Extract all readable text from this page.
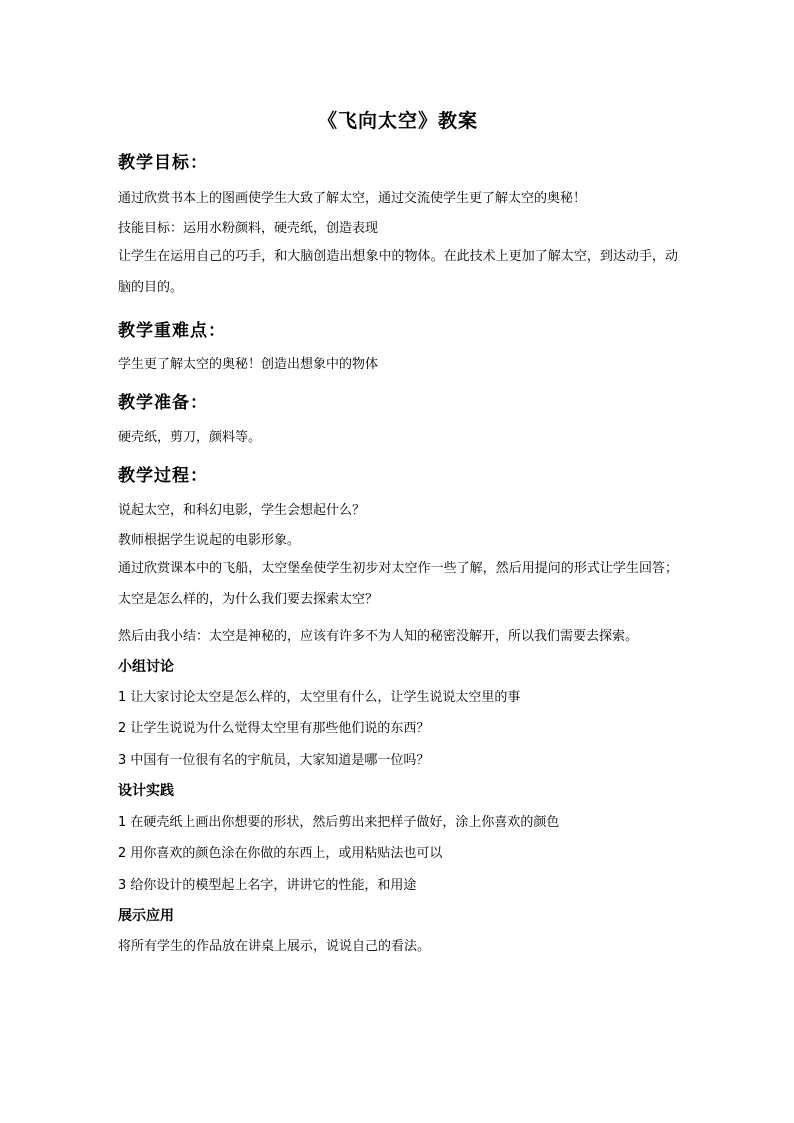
《飞向太空》教案
教学目标：
通过欣赏书本上的图画使学生大致了解太空，通过交流使学生更了解太空的奥秘！
技能目标：运用水粉颜料，硬壳纸，创造表现
让学生在运用自己的巧手，和大脑创造出想象中的物体。在此技术上更加了解太空，到达动手，动脑的目的。
教学重难点：
学生更了解太空的奥秘！创造出想象中的物体
教学准备：
硬壳纸，剪刀，颜料等。
教学过程：
说起太空，和科幻电影，学生会想起什么？
教师根据学生说起的电影形象。
通过欣赏课本中的飞船，太空堡垒使学生初步对太空作一些了解，然后用提问的形式让学生回答；太空是怎么样的，为什么我们要去探索太空？
然后由我小结：太空是神秘的，应该有许多不为人知的秘密没解开，所以我们需要去探索。
小组讨论
1 让大家讨论太空是怎么样的，太空里有什么，让学生说说太空里的事
2 让学生说说为什么觉得太空里有那些他们说的东西？
3 中国有一位很有名的宇航员，大家知道是哪一位吗？
设计实践
1 在硬壳纸上画出你想要的形状，然后剪出来把样子做好，涂上你喜欢的颜色
2 用你喜欢的颜色涂在你做的东西上，或用粘贴法也可以
3 给你设计的模型起上名字，讲讲它的性能，和用途
展示应用
将所有学生的作品放在讲桌上展示，说说自己的看法。
